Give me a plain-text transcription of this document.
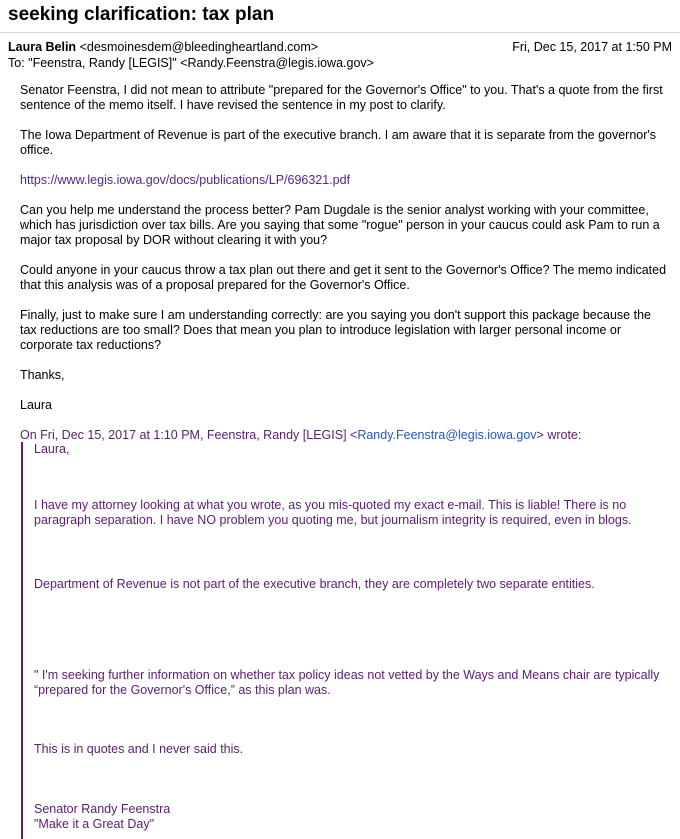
seeking clarification: tax plan
Laura Belin <desmoinesdem@bleedingheartland.com>	Fri, Dec 15, 2017 at 1:50 PM
To: "Feenstra, Randy [LEGIS]" <Randy.Feenstra@legis.iowa.gov>

Senator Feenstra, I did not mean to attribute "prepared for the Governor's Office" to you. That's a quote from the first sentence of the memo itself. I have revised the sentence in my post to clarify.

The Iowa Department of Revenue is part of the executive branch. I am aware that it is separate from the governor's office.

https://www.legis.iowa.gov/docs/publications/LP/696321.pdf

Can you help me understand the process better? Pam Dugdale is the senior analyst working with your committee, which has jurisdiction over tax bills. Are you saying that some "rogue" person in your caucus could ask Pam to run a major tax proposal by DOR without clearing it with you?

Could anyone in your caucus throw a tax plan out there and get it sent to the Governor's Office? The memo indicated that this analysis was of a proposal prepared for the Governor's Office.

Finally, just to make sure I am understanding correctly: are you saying you don't support this package because the tax reductions are too small? Does that mean you plan to introduce legislation with larger personal income or corporate tax reductions?

Thanks,

Laura

On Fri, Dec 15, 2017 at 1:10 PM, Feenstra, Randy [LEGIS] <Randy.Feenstra@legis.iowa.gov> wrote:

Laura,
I have my attorney looking at what you wrote, as you mis-quoted my exact e-mail. This is liable! There is no paragraph separation. I have NO problem you quoting me, but journalism integrity is required, even in blogs.
Department of Revenue is not part of the executive branch, they are completely two separate entities.
" I'm seeking further information on whether tax policy ideas not vetted by the Ways and Means chair are typically “prepared for the Governor's Office,” as this plan was.
This is in quotes and I never said this.
Senator Randy Feenstra
"Make it a Great Day"
